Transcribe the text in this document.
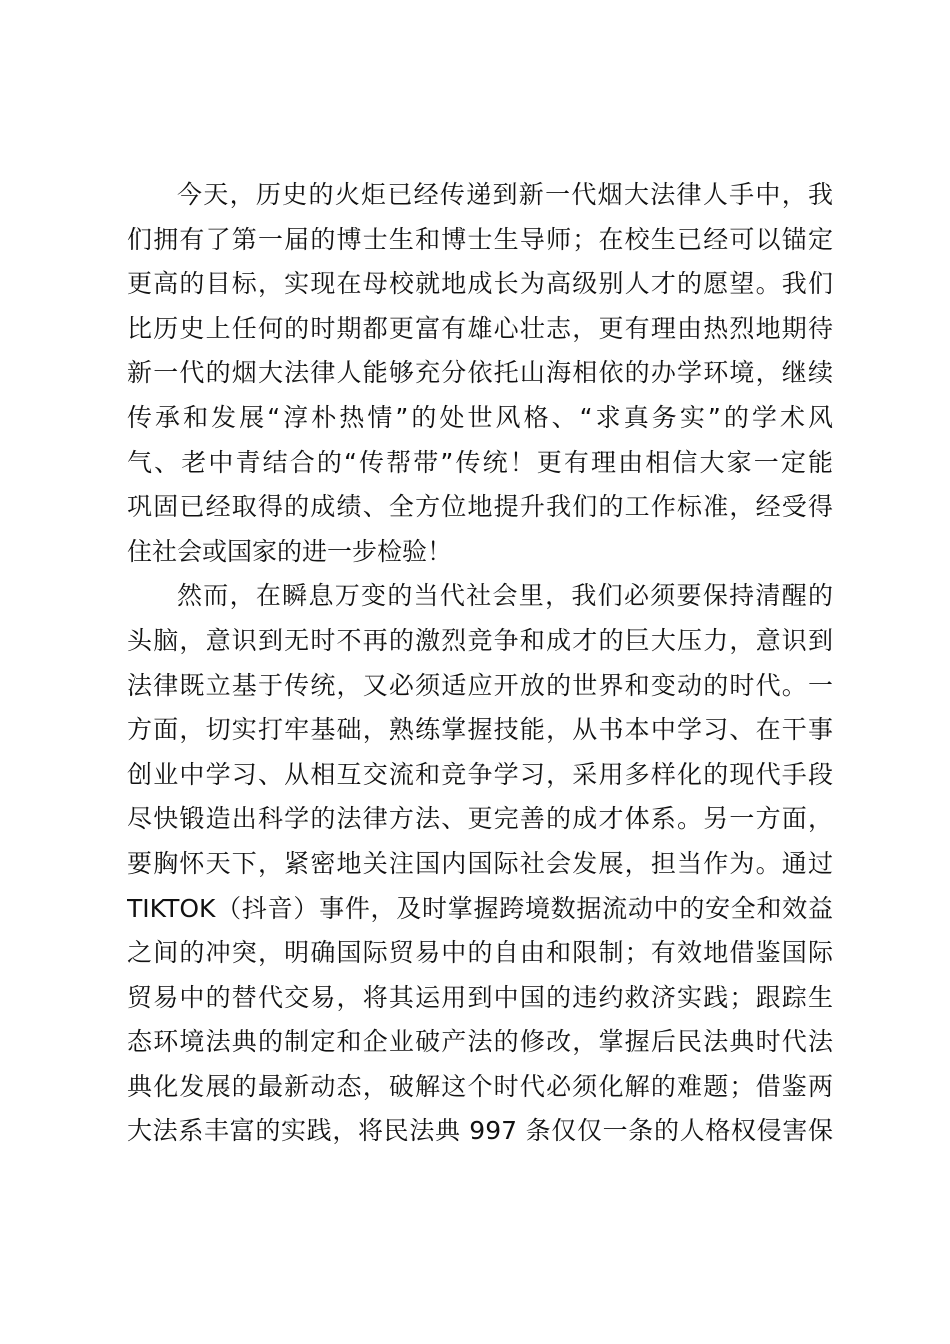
今天，历史的火炬已经传递到新一代烟大法律人手中，我
们拥有了第一届的博士生和博士生导师；在校生已经可以锚定
更高的目标，实现在母校就地成长为高级别人才的愿望。我们
比历史上任何的时期都更富有雄心壮志，更有理由热烈地期待
新一代的烟大法律人能够充分依托山海相依的办学环境，继续
传承和发展“淳朴热情”的处世风格、“求真务实”的学术风
气、老中青结合的“传帮带”传统！更有理由相信大家一定能
巩固已经取得的成绩、全方位地提升我们的工作标准，经受得
住社会或国家的进一步检验！
然而，在瞬息万变的当代社会里，我们必须要保持清醒的
头脑，意识到无时不再的激烈竞争和成才的巨大压力，意识到
法律既立基于传统，又必须适应开放的世界和变动的时代。一
方面，切实打牢基础，熟练掌握技能，从书本中学习、在干事
创业中学习、从相互交流和竞争学习，采用多样化的现代手段
尽快锻造出科学的法律方法、更完善的成才体系。另一方面，
要胸怀天下，紧密地关注国内国际社会发展，担当作为。通过
TIKTOK（抖音）事件，及时掌握跨境数据流动中的安全和效益
之间的冲突，明确国际贸易中的自由和限制；有效地借鉴国际
贸易中的替代交易，将其运用到中国的违约救济实践；跟踪生
态环境法典的制定和企业破产法的修改，掌握后民法典时代法
典化发展的最新动态，破解这个时代必须化解的难题；借鉴两
大法系丰富的实践，将民法典 997 条仅仅一条的人格权侵害保
